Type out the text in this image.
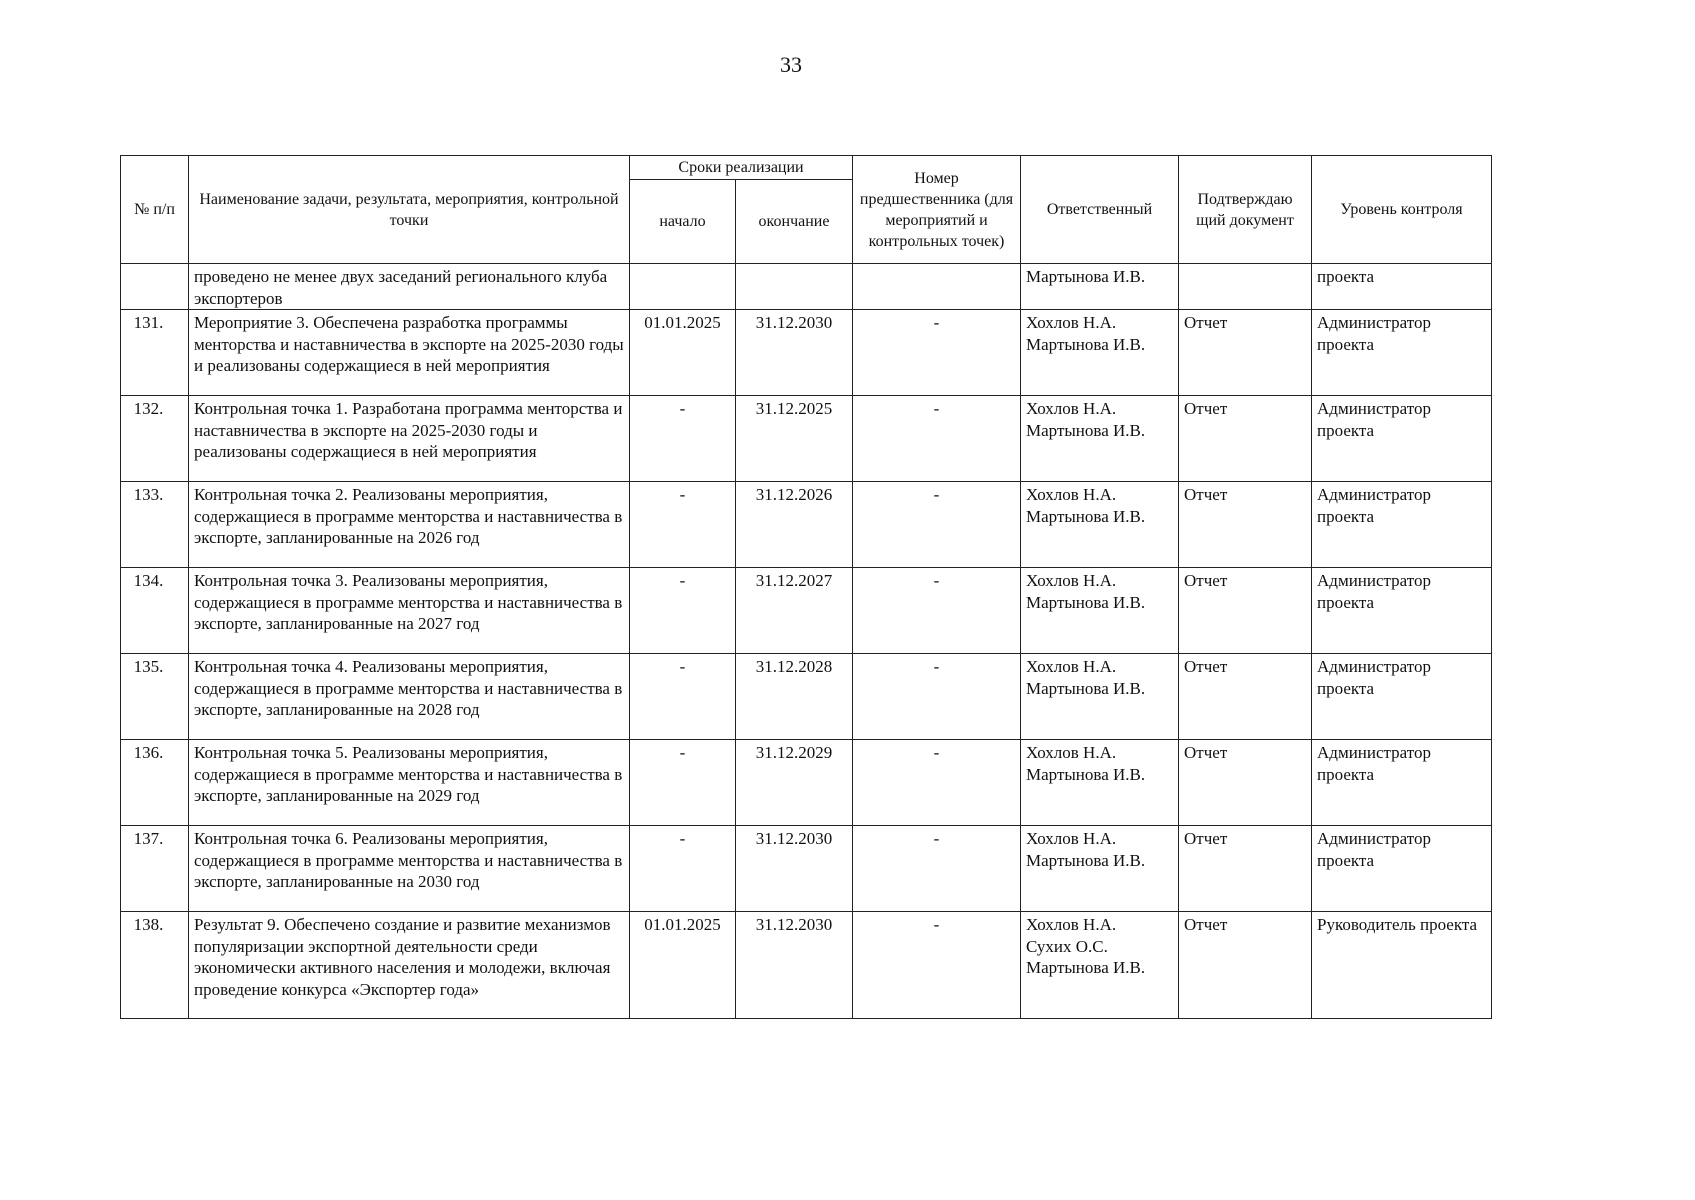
33
№ п/п	Наименование задачи, результата, мероприятия, контрольной точки	Сроки реализации		Номер предшественника (для мероприятий и контрольных точек)	Ответственный	Подтверждаю щий документ	Уровень контроля
		начало	окончание				
	проведено не менее двух заседаний регионального клуба экспортеров				Мартынова И.В.		проекта
131.	Мероприятие 3. Обеспечена разработка программы менторства и наставничества в экспорте на 2025-2030 годы и реализованы содержащиеся в ней мероприятия	01.01.2025	31.12.2030	-	Хохлов Н.А.
Мартынова И.В.	Отчет	Администратор проекта
132.	Контрольная точка 1. Разработана программа менторства и наставничества в экспорте на 2025-2030 годы и реализованы содержащиеся в ней мероприятия	-	31.12.2025	-	Хохлов Н.А.
Мартынова И.В.	Отчет	Администратор проекта
133.	Контрольная точка 2. Реализованы мероприятия, содержащиеся в программе менторства и наставничества в экспорте, запланированные на 2026 год	-	31.12.2026	-	Хохлов Н.А.
Мартынова И.В.	Отчет	Администратор проекта
134.	Контрольная точка 3. Реализованы мероприятия, содержащиеся в программе менторства и наставничества в экспорте, запланированные на 2027 год	-	31.12.2027	-	Хохлов Н.А.
Мартынова И.В.	Отчет	Администратор проекта
135.	Контрольная точка 4. Реализованы мероприятия, содержащиеся в программе менторства и наставничества в экспорте, запланированные на 2028 год	-	31.12.2028	-	Хохлов Н.А.
Мартынова И.В.	Отчет	Администратор проекта
136.	Контрольная точка 5. Реализованы мероприятия, содержащиеся в программе менторства и наставничества в экспорте, запланированные на 2029 год	-	31.12.2029	-	Хохлов Н.А.
Мартынова И.В.	Отчет	Администратор проекта
137.	Контрольная точка 6. Реализованы мероприятия, содержащиеся в программе менторства и наставничества в экспорте, запланированные на 2030 год	-	31.12.2030	-	Хохлов Н.А.
Мартынова И.В.	Отчет	Администратор проекта
138.	Результат 9. Обеспечено создание и развитие механизмов популяризации экспортной деятельности среди экономически активного населения и молодежи, включая проведение конкурса «Экспортер года»	01.01.2025	31.12.2030	-	Хохлов Н.А.
Сухих О.С.
Мартынова И.В.	Отчет	Руководитель проекта
